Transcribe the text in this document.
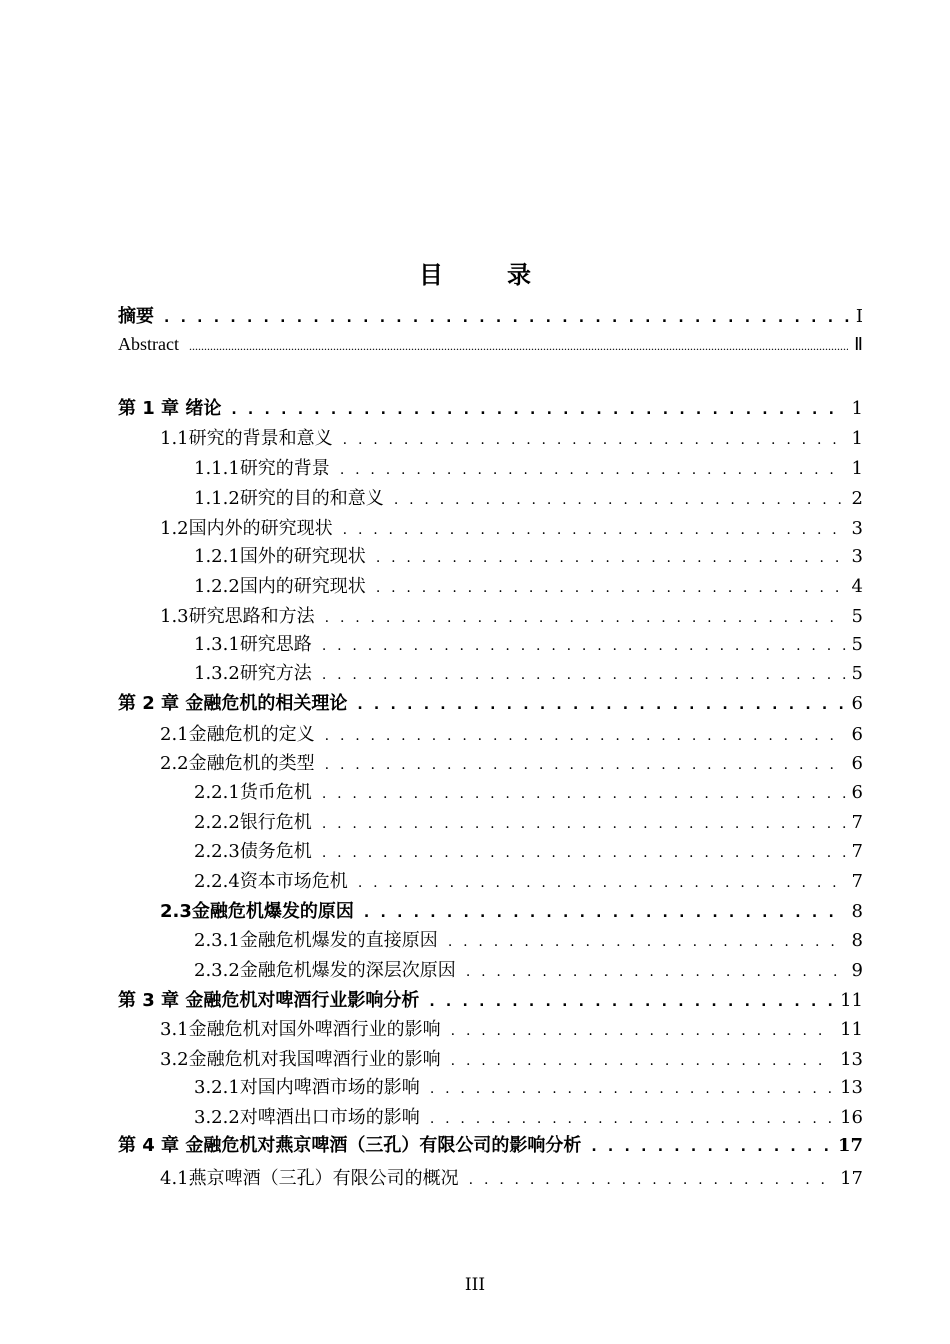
目	录
摘要 . . .	I
Abstract .....	Ⅱ
第 1 章 绪论 . . .	1
1.1 研究的背景和意义 . . .	1
1.1.1 研究的背景 . . .	1
1.1.2 研究的目的和意义 . . .	2
1.2 国内外的研究现状 . . .	3
1.2.1 国外的研究现状 . . .	3
1.2.2 国内的研究现状 . . .	4
1.3 研究思路和方法 . . .	5
1.3.1 研究思路 . . .	5
1.3.2 研究方法 . . .	5
第 2 章 金融危机的相关理论 . . .	6
2.1 金融危机的定义 . . .	6
2.2 金融危机的类型 . . .	6
2.2.1 货币危机 . . .	6
2.2.2 银行危机 . . .	7
2.2.3 债务危机 . . .	7
2.2.4 资本市场危机 . . .	7
2.3 金融危机爆发的原因 . . .	8
2.3.1 金融危机爆发的直接原因 . . .	8
2.3.2 金融危机爆发的深层次原因 . . .	9
第 3 章 金融危机对啤酒行业影响分析 . . .	11
3.1 金融危机对国外啤酒行业的影响 . . .	11
3.2 金融危机对我国啤酒行业的影响 . . .	13
3.2.1 对国内啤酒市场的影响 . . .	13
3.2.2 对啤酒出口市场的影响 . . .	16
第 4 章 金融危机对燕京啤酒（三孔）有限公司的影响分析 . . .	17
4.1 燕京啤酒（三孔）有限公司的概况 . . .	17
III
